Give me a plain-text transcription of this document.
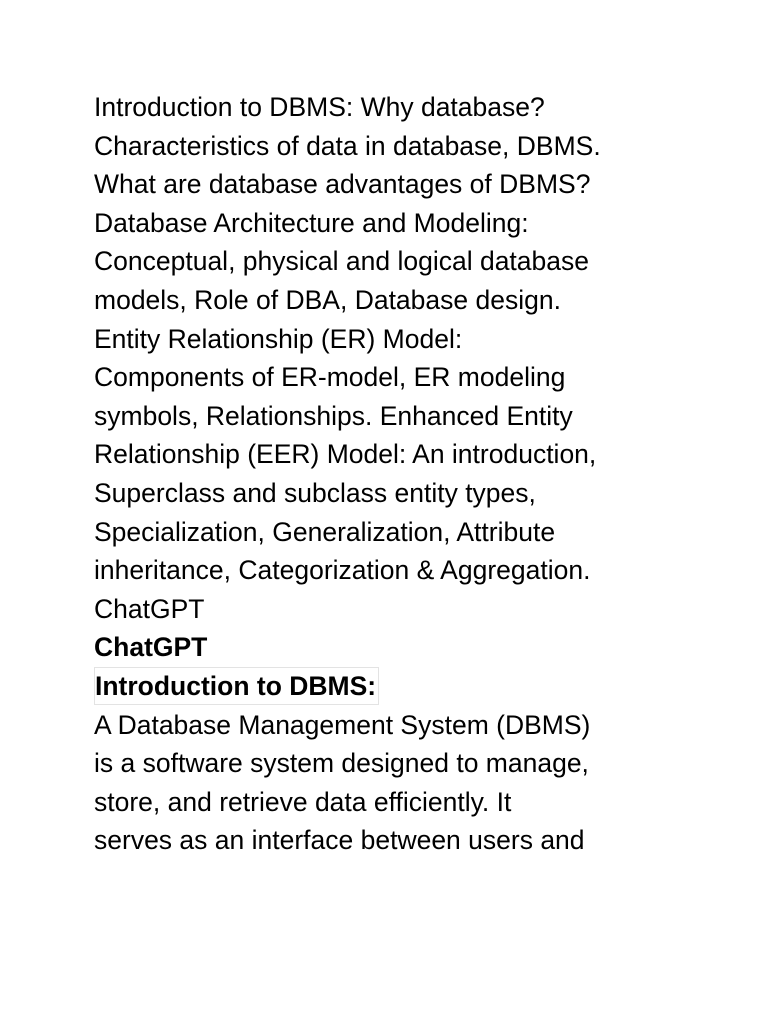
Introduction to DBMS: Why database?
Characteristics of data in database, DBMS.
What are database advantages of DBMS?
Database Architecture and Modeling:
Conceptual, physical and logical database
models, Role of DBA, Database design.
Entity Relationship (ER) Model:
Components of ER-model, ER modeling
symbols, Relationships. Enhanced Entity
Relationship (EER) Model: An introduction,
Superclass and subclass entity types,
Specialization, Generalization, Attribute
inheritance, Categorization & Aggregation.
ChatGPT
ChatGPT
Introduction to DBMS:
A Database Management System (DBMS)
is a software system designed to manage,
store, and retrieve data efficiently. It
serves as an interface between users and
